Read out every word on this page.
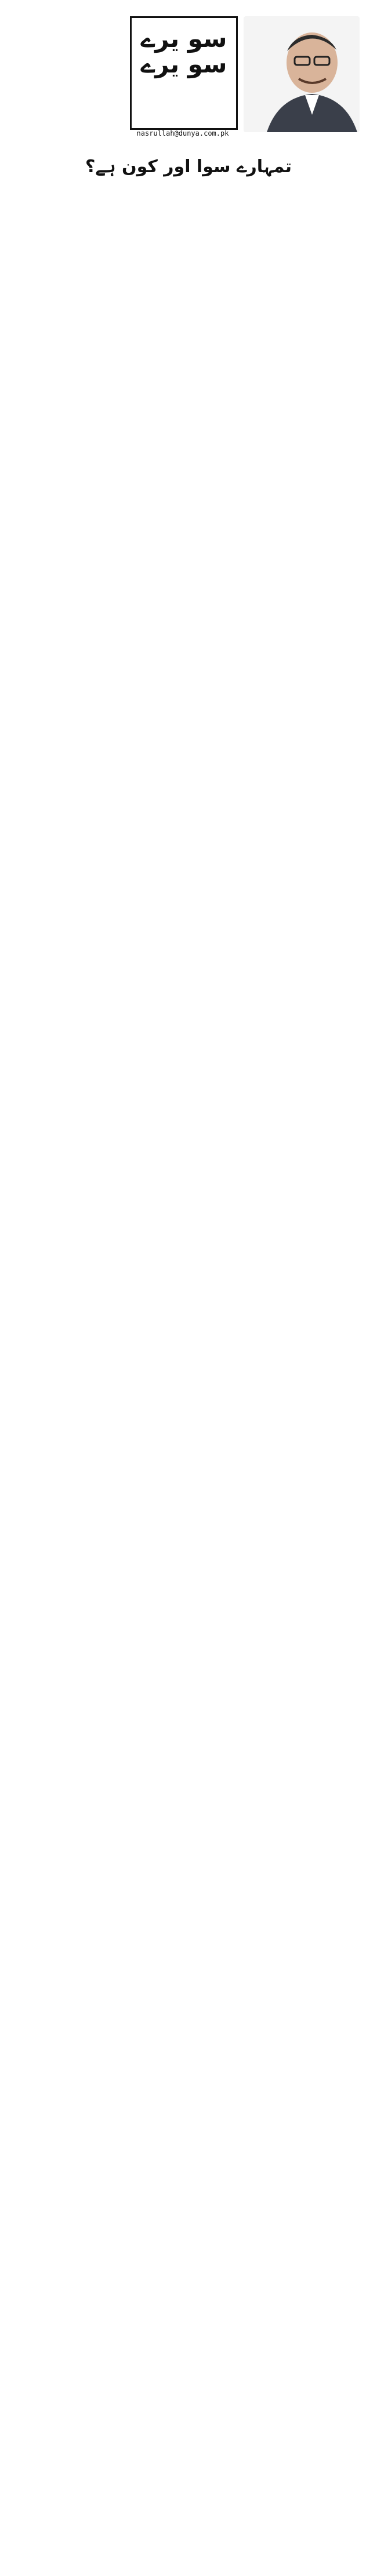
سو یرے سو یرے
nasrullah@dunya.com.pk
تمہارے سوا اور کون ہے؟
